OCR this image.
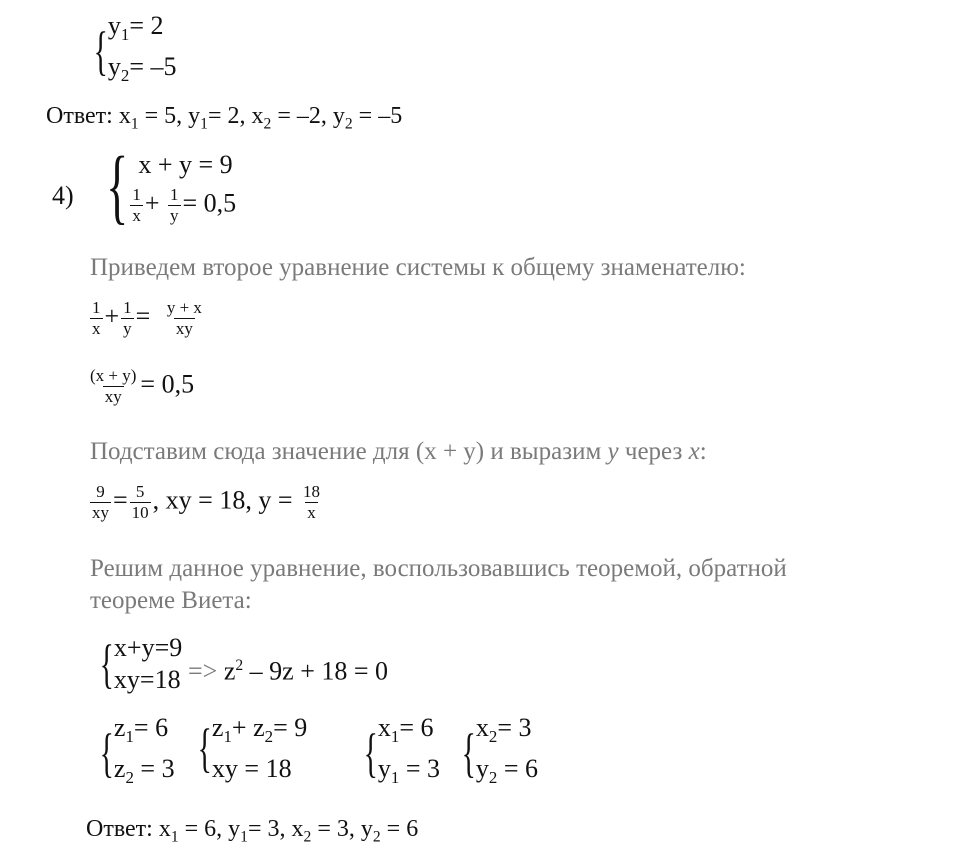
{ $y_1= 2$
$y_2= -5$
Ответ: $x_1 = 5$, $y_1= 2$, $x_2 = -2$, $y_2 = -5$
4) { x + y = 9
$\frac{1}{x} + \frac{1}{y} = 0,5$
Приведем второе уравнение системы к общему знаменателю:
$\frac{1}{x} + \frac{1}{y} = \frac{y + x}{xy}$
$\frac{(x + y)}{xy} = 0,5$
Подставим сюда значение для (x + y) и выразим y через x:
$\frac{9}{xy} = \frac{5}{10}$ , xy = 18, $y = \frac{18}{x}$
Решим данное уравнение, воспользовавшись теоремой, обратной
теореме Виета:
{ x+y=9
$xy=18 => z^2 - 9z + 18 = 0$
{ $z_1= 6$
$z_2 = 3$ { $z_1+ z_2= 9$
xy = 18 { $x_1= 6$
$y_1 = 3$ { $x_2= 3$
$y_2 = 6$
Ответ: $x_1 = 6$, $y_1= 3$, $x_2 = 3$, $y_2 = 6$
